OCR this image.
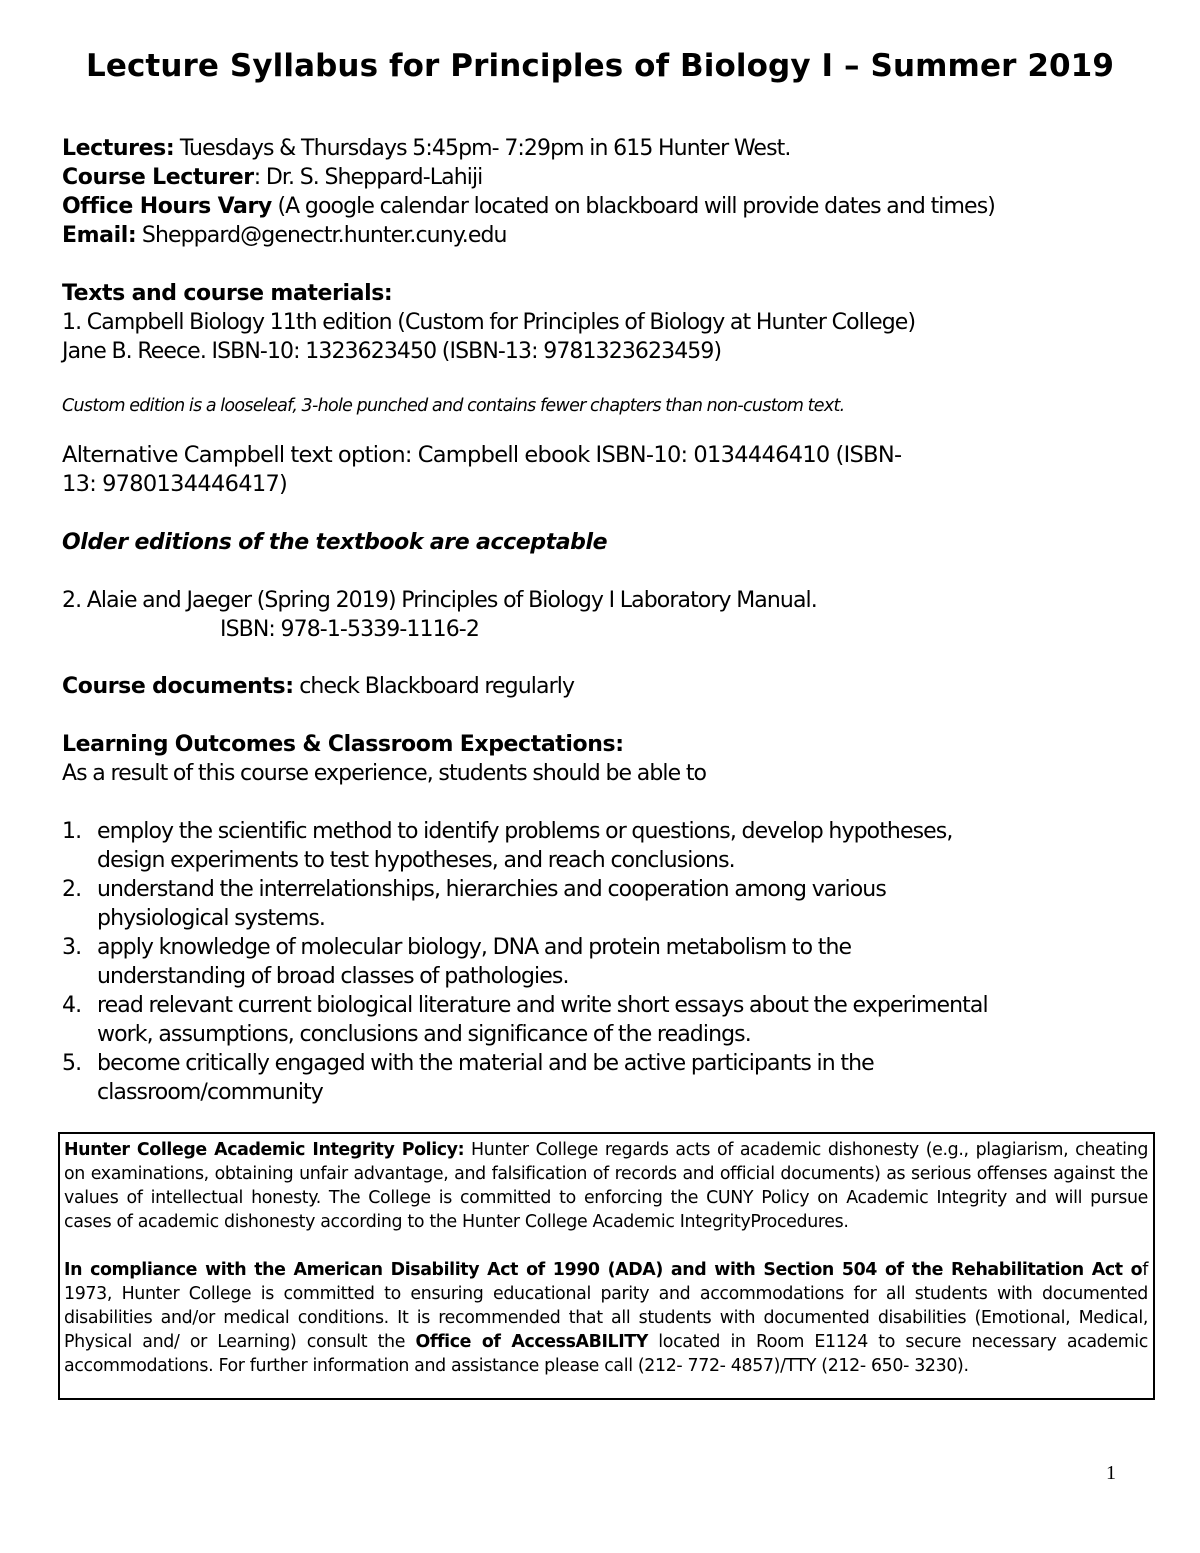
Lecture Syllabus for Principles of Biology I – Summer 2019
Lectures: Tuesdays & Thursdays 5:45pm- 7:29pm in 615 Hunter West.
Course Lecturer: Dr. S. Sheppard-Lahiji
Office Hours Vary (A google calendar located on blackboard will provide dates and times)
Email: Sheppard@genectr.hunter.cuny.edu
Texts and course materials:
1. Campbell Biology 11th edition (Custom for Principles of Biology at Hunter College)
Jane B. Reece. ISBN-10: 1323623450 (ISBN-13: 9781323623459)
Custom edition is a looseleaf, 3-hole punched and contains fewer chapters than non-custom text.
Alternative Campbell text option: Campbell ebook ISBN-10: 0134446410 (ISBN-
13: 9780134446417)
Older editions of the textbook are acceptable
2. Alaie and Jaeger (Spring 2019) Principles of Biology I Laboratory Manual.
ISBN: 978-1-5339-1116-2
Course documents: check Blackboard regularly
Learning Outcomes & Classroom Expectations:
As a result of this course experience, students should be able to
1. employ the scientific method to identify problems or questions, develop hypotheses,
design experiments to test hypotheses, and reach conclusions.
2. understand the interrelationships, hierarchies and cooperation among various
physiological systems.
3. apply knowledge of molecular biology, DNA and protein metabolism to the
understanding of broad classes of pathologies.
4. read relevant current biological literature and write short essays about the experimental
work, assumptions, conclusions and significance of the readings.
5. become critically engaged with the material and be active participants in the
classroom/community

Hunter College Academic Integrity Policy: Hunter College regards acts of academic dishonesty (e.g., plagiarism, cheating on examinations, obtaining unfair advantage, and falsification of records and official documents) as serious offenses against the values of intellectual honesty. The College is committed to enforcing the CUNY Policy on Academic Integrity and will pursue cases of academic dishonesty according to the Hunter College Academic IntegrityProcedures.

In compliance with the American Disability Act of 1990 (ADA) and with Section 504 of the Rehabilitation Act of 1973, Hunter College is committed to ensuring educational parity and accommodations for all students with documented disabilities and/or medical conditions. It is recommended that all students with documented disabilities (Emotional, Medical, Physical and/ or Learning) consult the Office of AccessABILITY located in Room E1124 to secure necessary academic accommodations. For further information and assistance please call (212- 772- 4857)/TTY (212- 650- 3230).

1
